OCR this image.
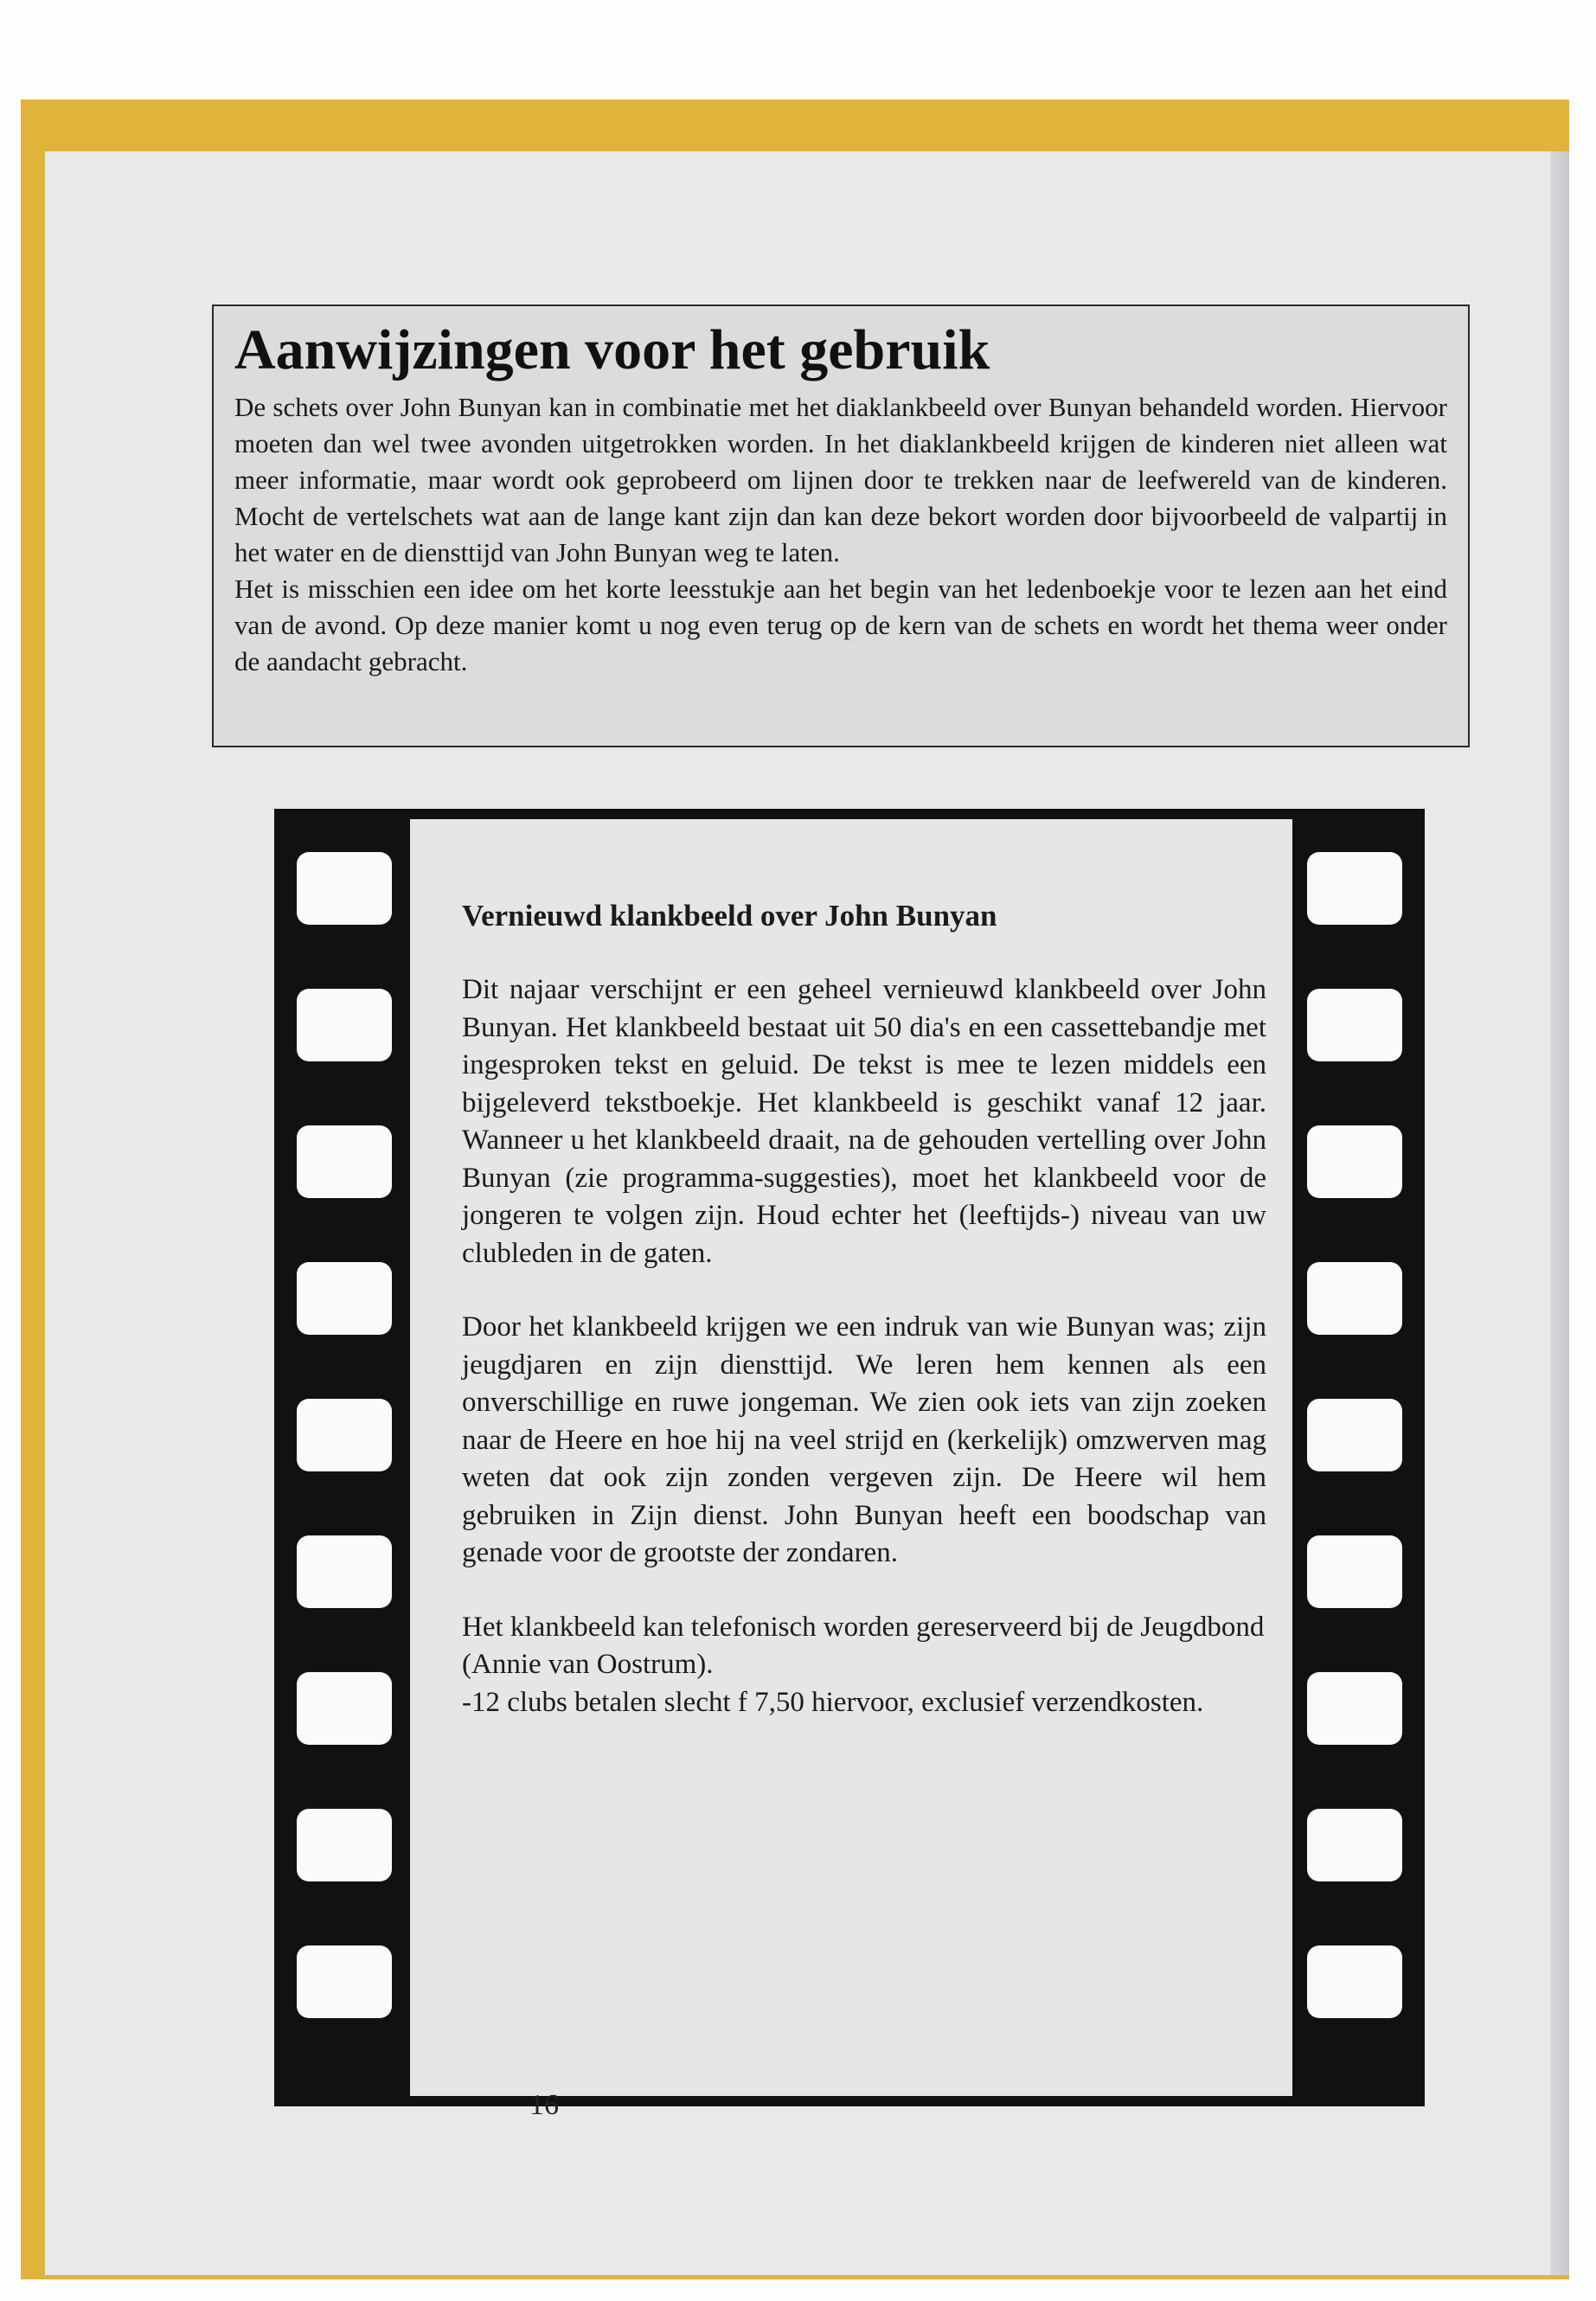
Aanwijzingen voor het gebruik

De schets over John Bunyan kan in combinatie met het diaklankbeeld over Bunyan behandeld worden. Hiervoor moeten dan wel twee avonden uitgetrokken worden. In het diaklankbeeld krijgen de kinderen niet alleen wat meer informatie, maar wordt ook geprobeerd om lijnen door te trekken naar de leefwereld van de kinderen. Mocht de vertelschets wat aan de lange kant zijn dan kan deze bekort worden door bijvoorbeeld de valpartij in het water en de diensttijd van John Bunyan weg te laten.

Het is misschien een idee om het korte leesstukje aan het begin van het ledenboekje voor te lezen aan het eind van de avond. Op deze manier komt u nog even terug op de kern van de schets en wordt het thema weer onder de aandacht gebracht.

Vernieuwd klankbeeld over John Bunyan

Dit najaar verschijnt er een geheel vernieuwd klankbeeld over John Bunyan. Het klankbeeld bestaat uit 50 dia's en een cassettebandje met ingesproken tekst en geluid. De tekst is mee te lezen middels een bijgeleverd tekstboekje. Het klankbeeld is geschikt vanaf 12 jaar. Wanneer u het klankbeeld draait, na de gehouden vertelling over John Bunyan (zie programma-suggesties), moet het klankbeeld voor de jongeren te volgen zijn. Houd echter het (leeftijds-) niveau van uw clubleden in de gaten.

Door het klankbeeld krijgen we een indruk van wie Bunyan was; zijn jeugdjaren en zijn diensttijd. We leren hem kennen als een onverschillige en ruwe jongeman. We zien ook iets van zijn zoeken naar de Heere en hoe hij na veel strijd en (kerkelijk) omzwerven mag weten dat ook zijn zonden vergeven zijn. De Heere wil hem gebruiken in Zijn dienst. John Bunyan heeft een boodschap van genade voor de grootste der zondaren.

Het klankbeeld kan telefonisch worden gereserveerd bij de Jeugdbond (Annie van Oostrum).

-12 clubs betalen slecht f 7,50 hiervoor, exclusief verzendkosten.

16
